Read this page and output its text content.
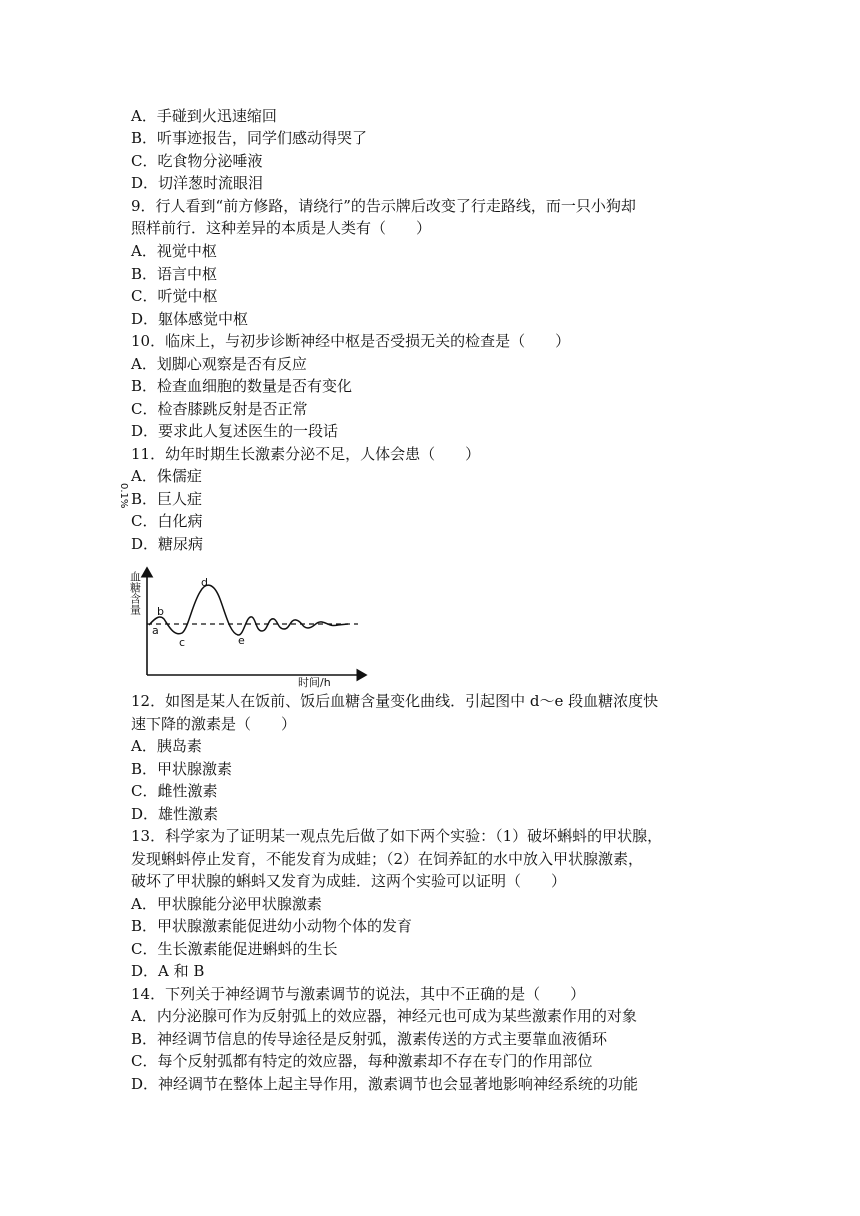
A．手碰到火迅速缩回
B．听事迹报告，同学们感动得哭了
C．吃食物分泌唾液
D．切洋葱时流眼泪
9．行人看到“前方修路，请绕行”的告示牌后改变了行走路线，而一只小狗却
照样前行．这种差异的本质是人类有（　　）
A．视觉中枢
B．语言中枢
C．听觉中枢
D．躯体感觉中枢
10．临床上，与初步诊断神经中枢是否受损无关的检查是（　　）
A．划脚心观察是否有反应
B．检查血细胞的数量是否有变化
C．检杳膝跳反射是否正常
D．要求此人复述医生的一段话
11．幼年时期生长激素分泌不足，人体会患（　　）
A．侏儒症
B．巨人症
C．白化病
D．糖尿病
血糖含量
0.1%
时间/h
a
b
c
d
e
12．如图是某人在饭前、饭后血糖含量变化曲线．引起图中 d～e 段血糖浓度快
速下降的激素是（　　）
A．胰岛素
B．甲状腺激素
C．雌性激素
D．雄性激素
13．科学家为了证明某一观点先后做了如下两个实验：（1）破坏蝌蚪的甲状腺，
发现蝌蚪停止发育，不能发育为成蛙；（2）在饲养缸的水中放入甲状腺激素，
破坏了甲状腺的蝌蚪又发育为成蛙．这两个实验可以证明（　　）
A．甲状腺能分泌甲状腺激素
B．甲状腺激素能促进幼小动物个体的发育
C．生长激素能促进蝌蚪的生长
D．A 和 B
14．下列关于神经调节与激素调节的说法，其中不正确的是（　　）
A．内分泌腺可作为反射弧上的效应器，神经元也可成为某些激素作用的对象
B．神经调节信息的传导途径是反射弧，激素传送的方式主要靠血液循环
C．每个反射弧都有特定的效应器，每种激素却不存在专门的作用部位
D．神经调节在整体上起主导作用，激素调节也会显著地影响神经系统的功能
